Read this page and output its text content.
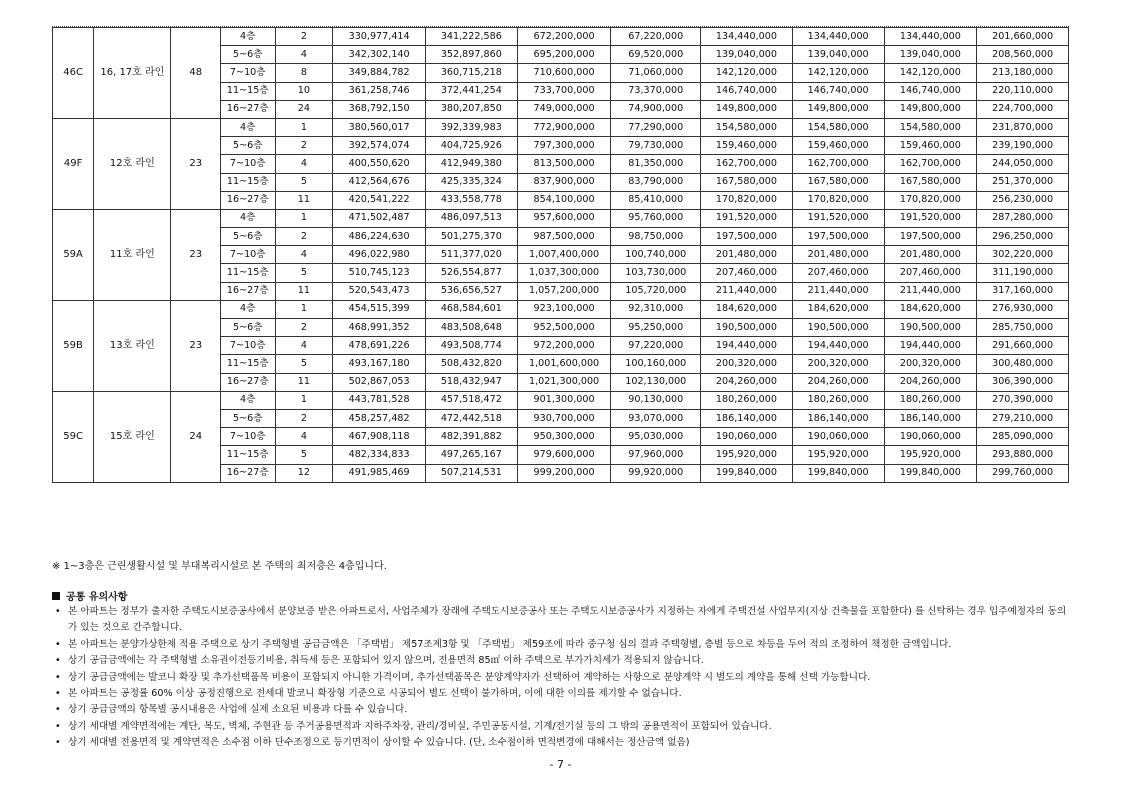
46C	16, 17호 라인	48	4층	2	330,977,414	341,222,586	672,200,000	67,220,000	134,440,000	134,440,000	134,440,000	201,660,000
			5~6층	4	342,302,140	352,897,860	695,200,000	69,520,000	139,040,000	139,040,000	139,040,000	208,560,000
			7~10층	8	349,884,782	360,715,218	710,600,000	71,060,000	142,120,000	142,120,000	142,120,000	213,180,000
			11~15층	10	361,258,746	372,441,254	733,700,000	73,370,000	146,740,000	146,740,000	146,740,000	220,110,000
			16~27층	24	368,792,150	380,207,850	749,000,000	74,900,000	149,800,000	149,800,000	149,800,000	224,700,000
49F	12호 라인	23	4층	1	380,560,017	392,339,983	772,900,000	77,290,000	154,580,000	154,580,000	154,580,000	231,870,000
			5~6층	2	392,574,074	404,725,926	797,300,000	79,730,000	159,460,000	159,460,000	159,460,000	239,190,000
			7~10층	4	400,550,620	412,949,380	813,500,000	81,350,000	162,700,000	162,700,000	162,700,000	244,050,000
			11~15층	5	412,564,676	425,335,324	837,900,000	83,790,000	167,580,000	167,580,000	167,580,000	251,370,000
			16~27층	11	420,541,222	433,558,778	854,100,000	85,410,000	170,820,000	170,820,000	170,820,000	256,230,000
59A	11호 라인	23	4층	1	471,502,487	486,097,513	957,600,000	95,760,000	191,520,000	191,520,000	191,520,000	287,280,000
			5~6층	2	486,224,630	501,275,370	987,500,000	98,750,000	197,500,000	197,500,000	197,500,000	296,250,000
			7~10층	4	496,022,980	511,377,020	1,007,400,000	100,740,000	201,480,000	201,480,000	201,480,000	302,220,000
			11~15층	5	510,745,123	526,554,877	1,037,300,000	103,730,000	207,460,000	207,460,000	207,460,000	311,190,000
			16~27층	11	520,543,473	536,656,527	1,057,200,000	105,720,000	211,440,000	211,440,000	211,440,000	317,160,000
59B	13호 라인	23	4층	1	454,515,399	468,584,601	923,100,000	92,310,000	184,620,000	184,620,000	184,620,000	276,930,000
			5~6층	2	468,991,352	483,508,648	952,500,000	95,250,000	190,500,000	190,500,000	190,500,000	285,750,000
			7~10층	4	478,691,226	493,508,774	972,200,000	97,220,000	194,440,000	194,440,000	194,440,000	291,660,000
			11~15층	5	493,167,180	508,432,820	1,001,600,000	100,160,000	200,320,000	200,320,000	200,320,000	300,480,000
			16~27층	11	502,867,053	518,432,947	1,021,300,000	102,130,000	204,260,000	204,260,000	204,260,000	306,390,000
59C	15호 라인	24	4층	1	443,781,528	457,518,472	901,300,000	90,130,000	180,260,000	180,260,000	180,260,000	270,390,000
			5~6층	2	458,257,482	472,442,518	930,700,000	93,070,000	186,140,000	186,140,000	186,140,000	279,210,000
			7~10층	4	467,908,118	482,391,882	950,300,000	95,030,000	190,060,000	190,060,000	190,060,000	285,090,000
			11~15층	5	482,334,833	497,265,167	979,600,000	97,960,000	195,920,000	195,920,000	195,920,000	293,880,000
			16~27층	12	491,985,469	507,214,531	999,200,000	99,920,000	199,840,000	199,840,000	199,840,000	299,760,000
※ 1~3층은 근린생활시설 및 부대복리시설로 본 주택의 최저층은 4층입니다.
공통 유의사항
• 본 아파트는 정부가 출자한 주택도시보증공사에서 분양보증 받은 아파트로서, 사업주체가 장래에 주택도시보증공사 또는 주택도시보증공사가 지정하는 자에게 주택건설 사업부지(지상 건축물을 포함한다) 를 신탁하는 경우 입주예정자의 동의가 있는 것으로 간주합니다.
• 본 아파트는 분양가상한제 적용 주택으로 상기 주택형별 공급금액은 「주택법」 제57조제3항 및 「주택법」 제59조에 따라 중구청 심의 결과 주택형별, 층별 등으로 차등을 두어 적의 조정하여 책정한 금액입니다.
• 상기 공급금액에는 각 주택형별 소유권이전등기비용, 취득세 등은 포함되어 있지 않으며, 전용면적 85㎡ 이하 주택으로 부가가치세가 적용되지 않습니다.
• 상기 공급금액에는 발코니 확장 및 추가선택품목 비용이 포함되지 아니한 가격이며, 추가선택품목은 분양계약자가 선택하여 계약하는 사항으로 분양계약 시 별도의 계약을 통해 선택 가능합니다.
• 본 아파트는 공정률 60% 이상 공정진행으로 전세대 발코니 확장형 기준으로 시공되어 별도 선택이 불가하며, 이에 대한 이의를 제기할 수 없습니다.
• 상기 공급금액의 항목별 공시내용은 사업에 실제 소요된 비용과 다를 수 있습니다.
• 상기 세대별 계약면적에는 계단, 복도, 벽체, 주현관 등 주거공용면적과 지하주차장, 관리/경비실, 주민공동시설, 기계/전기실 등의 그 밖의 공용면적이 포함되어 있습니다.
• 상기 세대별 전용면적 및 계약면적은 소수점 이하 단수조정으로 등기면적이 상이할 수 있습니다. (단, 소수점이하 면적변경에 대해서는 정산금액 없음)
- 7 -
